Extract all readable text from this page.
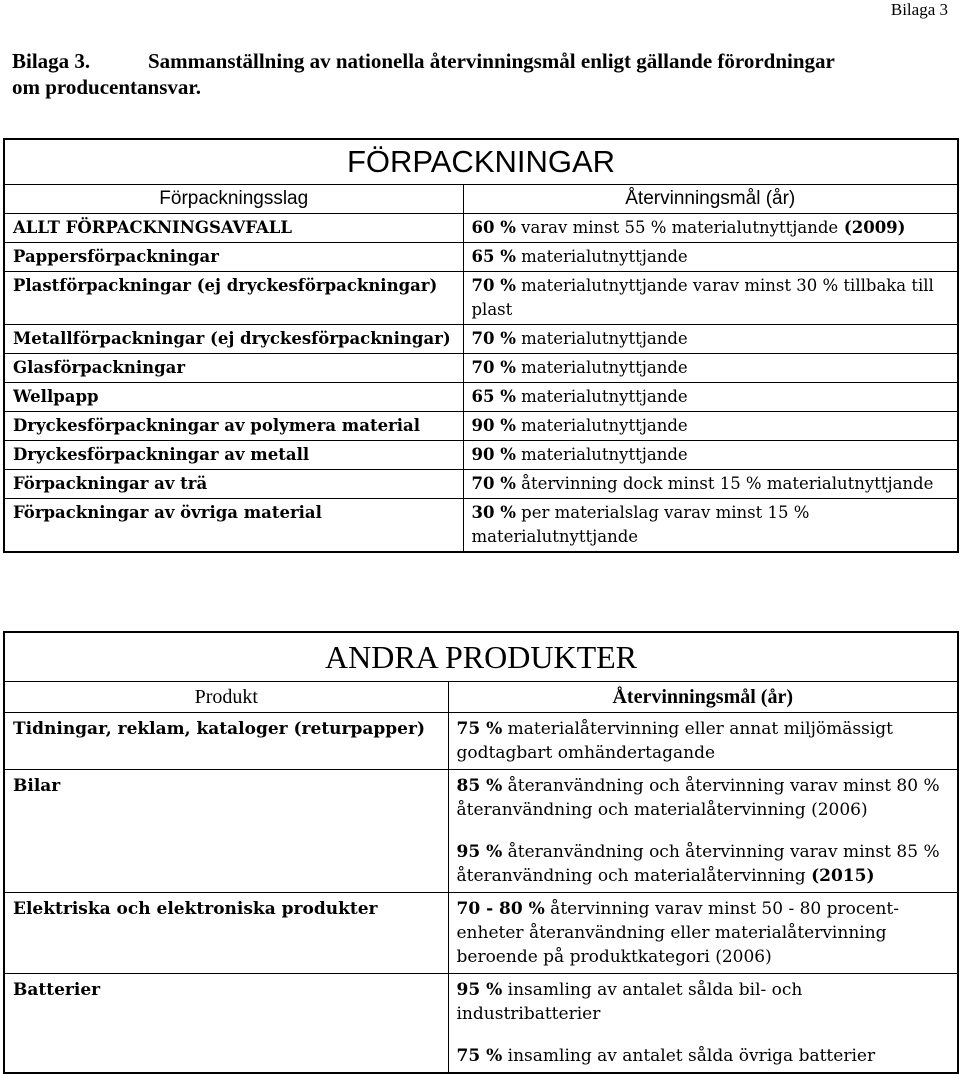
Bilaga 3
Bilaga 3.	Sammanställning av nationella återvinningsmål enligt gällande förordningar
om producentansvar.
FÖRPACKNINGAR	
Förpackningsslag	Återvinningsmål (år)
ALLT FÖRPACKNINGSAVFALL	60 % varav minst 55 % materialutnyttjande (2009)
Pappersförpackningar	65 % materialutnyttjande
Plastförpackningar (ej dryckesförpackningar)	70 % materialutnyttjande varav minst 30 % tillbaka till plast
Metallförpackningar (ej dryckesförpackningar)	70 % materialutnyttjande
Glasförpackningar	70 % materialutnyttjande
Wellpapp	65 % materialutnyttjande
Dryckesförpackningar av polymera material	90 % materialutnyttjande
Dryckesförpackningar av metall	90 % materialutnyttjande
Förpackningar av trä	70 % återvinning dock minst 15 % materialutnyttjande
Förpackningar av övriga material	30 % per materialslag varav minst 15 % materialutnyttjande
ANDRA PRODUKTER	
Produkt	Återvinningsmål (år)
Tidningar, reklam, kataloger (returpapper)	75 % materialåtervinning eller annat miljömässigt godtagbart omhändertagande

Bilar	85 % återanvändning och återvinning varav minst 80 % återanvändning och materialåtervinning (2006)
95 % återanvändning och återvinning varav minst 85 % återanvändning och materialåtervinning (2015)

Elektriska och elektroniska produkter	70 - 80 % återvinning varav minst 50 - 80 procent-enheter återanvändning eller materialåtervinning beroende på produktkategori (2006)

Batterier	95 % insamling av antalet sålda bil- och industribatterier
75 % insamling av antalet sålda övriga batterier
